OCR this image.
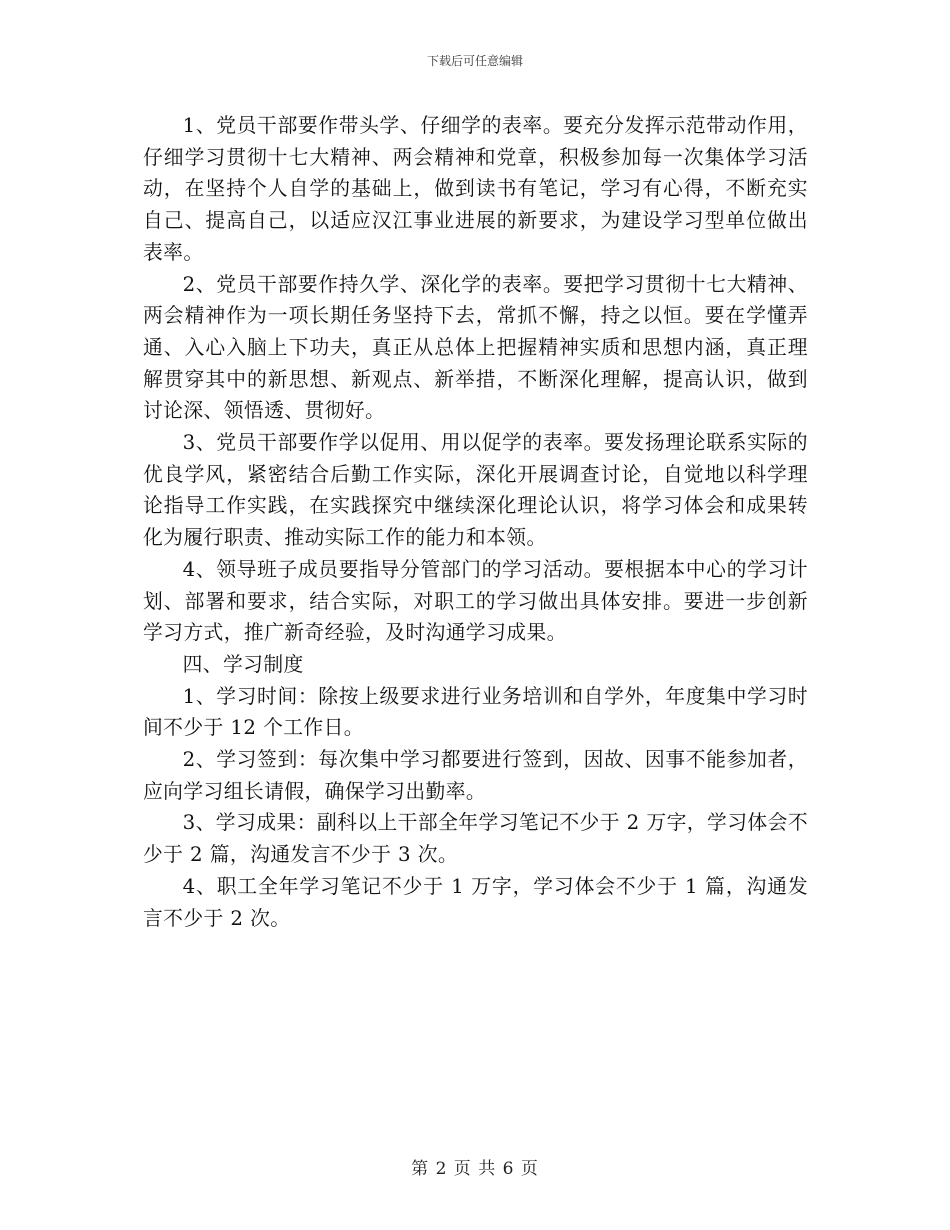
下载后可任意编辑

1、党员干部要作带头学、仔细学的表率。要充分发挥示范带动作用，仔细学习贯彻十七大精神、两会精神和党章，积极参加每一次集体学习活动，在坚持个人自学的基础上，做到读书有笔记，学习有心得，不断充实自己、提高自己，以适应汉江事业进展的新要求，为建设学习型单位做出表率。

2、党员干部要作持久学、深化学的表率。要把学习贯彻十七大精神、两会精神作为一项长期任务坚持下去，常抓不懈，持之以恒。要在学懂弄通、入心入脑上下功夫，真正从总体上把握精神实质和思想内涵，真正理解贯穿其中的新思想、新观点、新举措，不断深化理解，提高认识，做到讨论深、领悟透、贯彻好。

3、党员干部要作学以促用、用以促学的表率。要发扬理论联系实际的优良学风，紧密结合后勤工作实际，深化开展调查讨论，自觉地以科学理论指导工作实践，在实践探究中继续深化理论认识，将学习体会和成果转化为履行职责、推动实际工作的能力和本领。

4、领导班子成员要指导分管部门的学习活动。要根据本中心的学习计划、部署和要求，结合实际，对职工的学习做出具体安排。要进一步创新学习方式，推广新奇经验，及时沟通学习成果。

四、学习制度

1、学习时间：除按上级要求进行业务培训和自学外，年度集中学习时间不少于 12 个工作日。

2、学习签到：每次集中学习都要进行签到，因故、因事不能参加者，应向学习组长请假，确保学习出勤率。

3、学习成果：副科以上干部全年学习笔记不少于 2 万字，学习体会不少于 2 篇，沟通发言不少于 3 次。

4、职工全年学习笔记不少于 1 万字，学习体会不少于 1 篇，沟通发言不少于 2 次。

第 2 页 共 6 页
